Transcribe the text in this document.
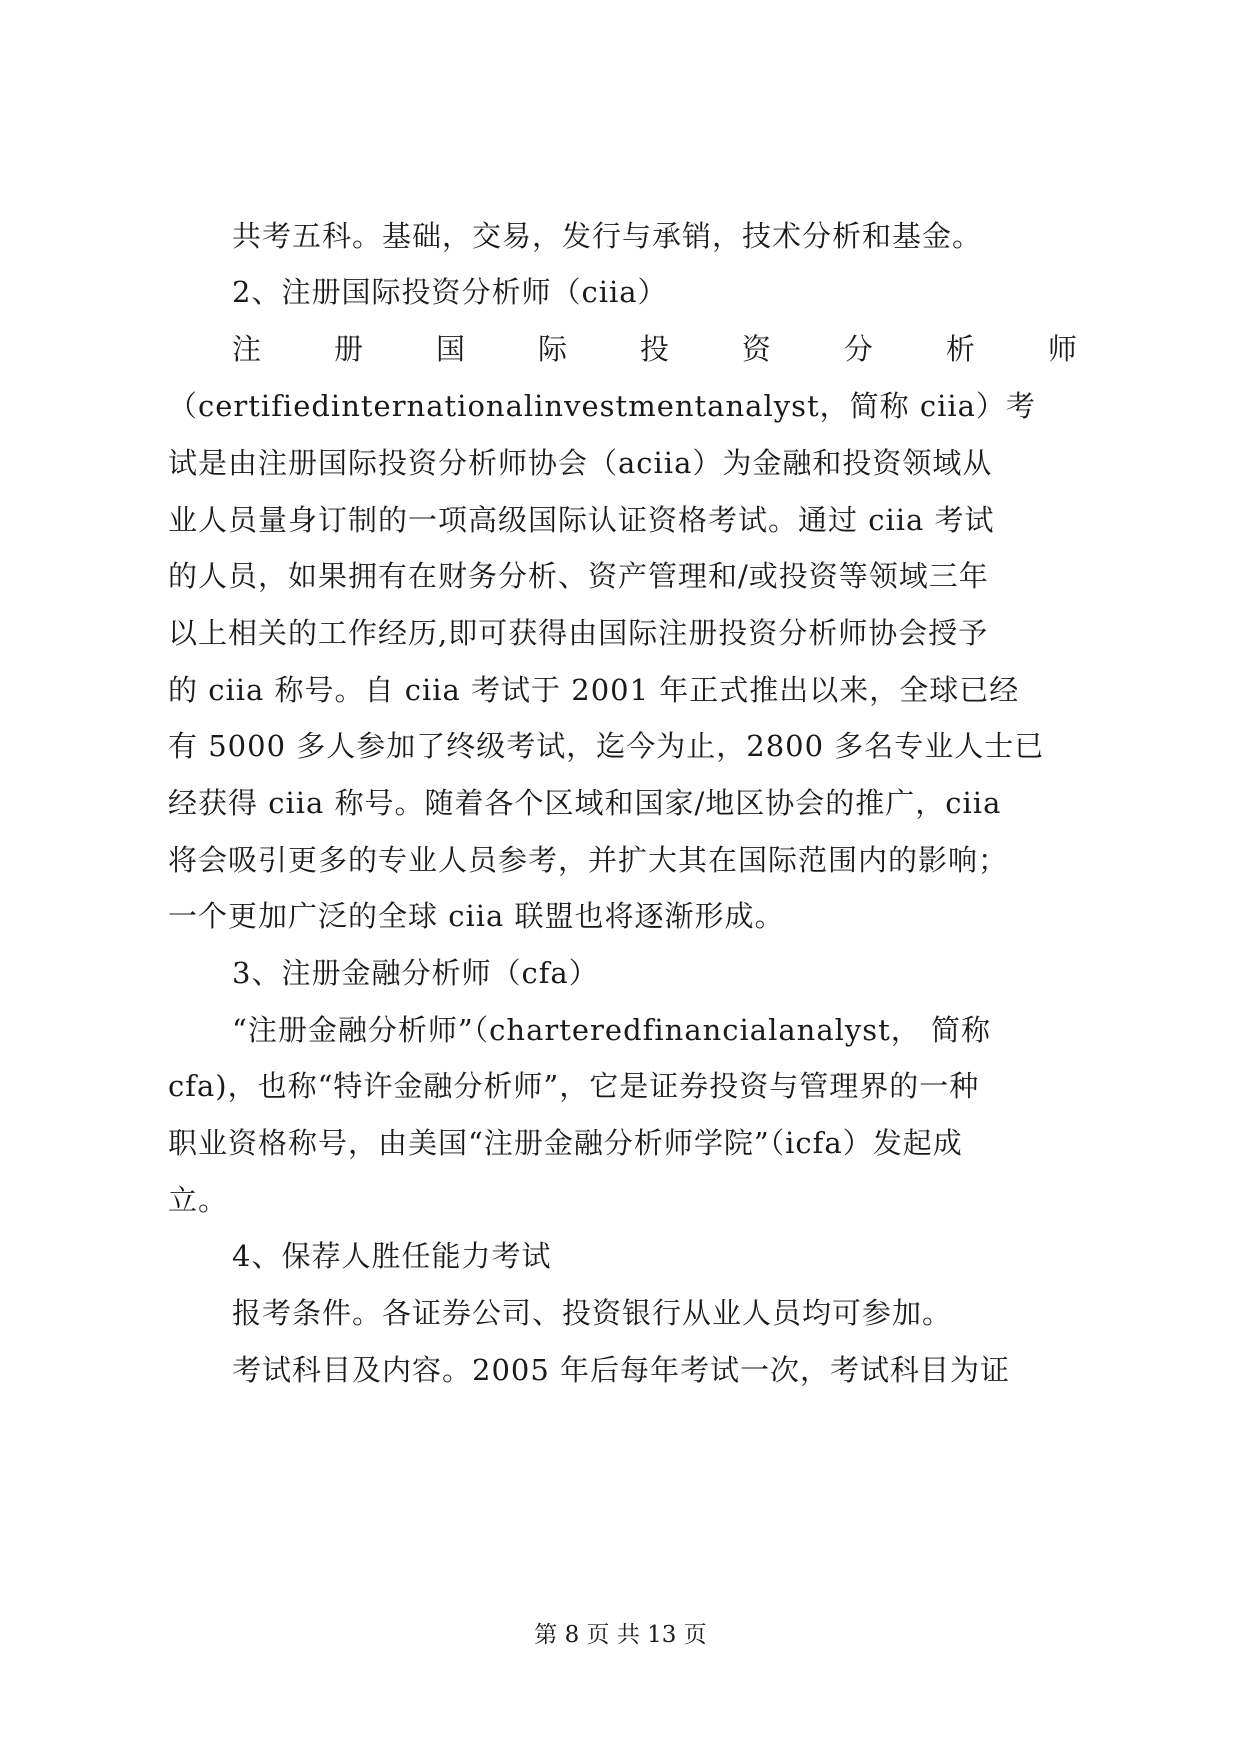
共考五科。基础，交易，发行与承销，技术分析和基金。
2、注册国际投资分析师（ciia）
注	册	国	际	投	资	分	析	师
（certifiedinternationalinvestmentanalyst，简称 ciia）考
试是由注册国际投资分析师协会（aciia）为金融和投资领域从
业人员量身订制的一项高级国际认证资格考试。通过 ciia 考试
的人员，如果拥有在财务分析、资产管理和/或投资等领域三年
以上相关的工作经历,即可获得由国际注册投资分析师协会授予
的 ciia 称号。自 ciia 考试于 2001 年正式推出以来，全球已经
有 5000 多人参加了终级考试，迄今为止，2800 多名专业人士已
经获得 ciia 称号。随着各个区域和国家/地区协会的推广，ciia
将会吸引更多的专业人员参考，并扩大其在国际范围内的影响；
一个更加广泛的全球 ciia 联盟也将逐渐形成。
3、注册金融分析师（cfa）
“注册金融分析师”（charteredfinancialanalyst， 简称
cfa)，也称“特许金融分析师”，它是证券投资与管理界的一种
职业资格称号，由美国“注册金融分析师学院”（icfa）发起成
立。
4、保荐人胜任能力考试
报考条件。各证券公司、投资银行从业人员均可参加。
考试科目及内容。2005 年后每年考试一次，考试科目为证
第 8 页 共 13 页
